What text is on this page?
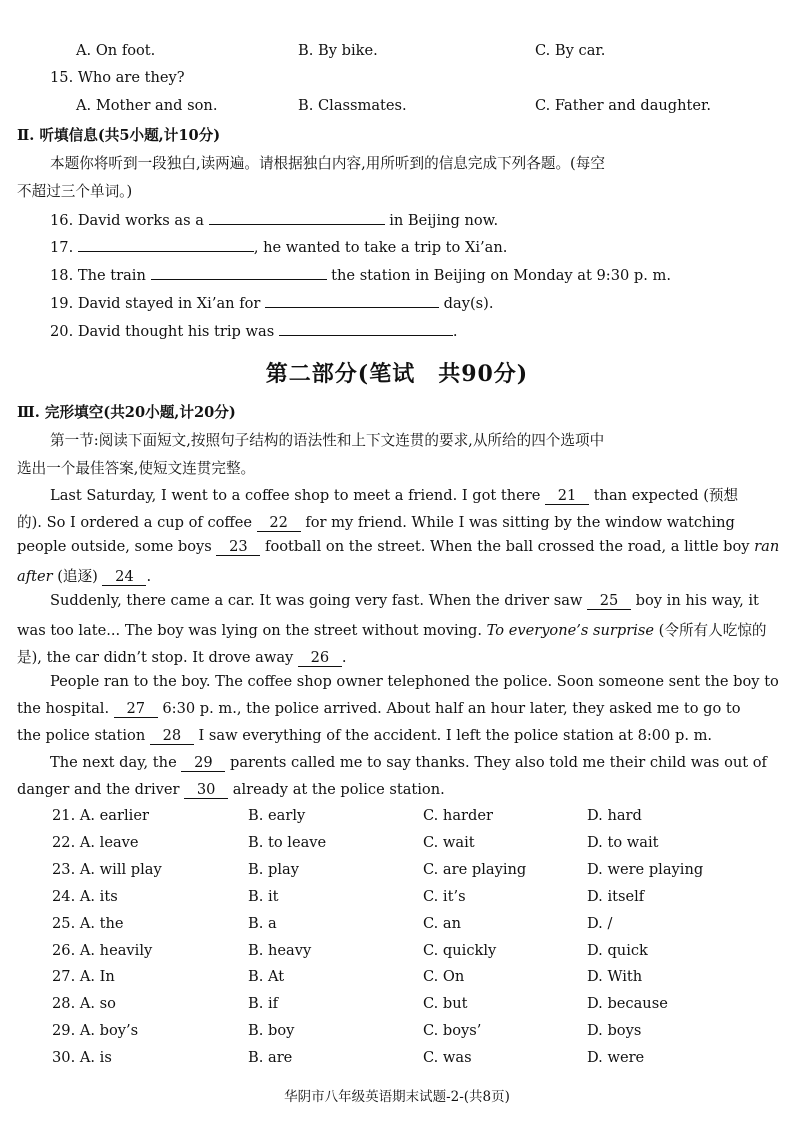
A. On foot.	B. By bike.	C. By car.
15. Who are they?
A. Mother and son.	B. Classmates.	C. Father and daughter.
Ⅱ. 听填信息(共5小题,计10分)
本题你将听到一段独白,读两遍。请根据独白内容,用所听到的信息完成下列各题。(每空
不超过三个单词。)
16. David works as a	in Beijing now.
17.	, he wanted to take a trip to Xi’an.
18. The train	the station in Beijing on Monday at 9:30 p. m.
19. David stayed in Xi’an for	day(s).
20. David thought his trip was	.
第二部分(笔试　共90分)
Ⅲ. 完形填空(共20小题,计20分)
第一节:阅读下面短文,按照句子结构的语法性和上下文连贯的要求,从所给的四个选项中
选出一个最佳答案,使短文连贯完整。
Last Saturday, I went to a coffee shop to meet a friend. I got there 21 than expected (预想
的). So I ordered a cup of coffee 22 for my friend. While I was sitting by the window watching
people outside, some boys 23 football on the street. When the ball crossed the road, a little boy ran
after (追逐) 24 .
Suddenly, there came a car. It was going very fast. When the driver saw 25 boy in his way, it
was too late... The boy was lying on the street without moving. To everyone’s surprise (令所有人吃惊的
是), the car didn’t stop. It drove away 26 .
People ran to the boy. The coffee shop owner telephoned the police. Soon someone sent the boy to
the hospital. 27 6:30 p. m., the police arrived. About half an hour later, they asked me to go to
the police station 28 I saw everything of the accident. I left the police station at 8:00 p. m.
The next day, the 29 parents called me to say thanks. They also told me their child was out of
danger and the driver 30 already at the police station.
21. A. earlier	B. early	C. harder	D. hard
22. A. leave	B. to leave	C. wait	D. to wait
23. A. will play	B. play	C. are playing	D. were playing
24. A. its	B. it	C. it’s	D. itself
25. A. the	B. a	C. an	D. /
26. A. heavily	B. heavy	C. quickly	D. quick
27. A. In	B. At	C. On	D. With
28. A. so	B. if	C. but	D. because
29. A. boy’s	B. boy	C. boys’	D. boys
30. A. is	B. are	C. was	D. were
华阴市八年级英语期末试题-2-(共8页)
